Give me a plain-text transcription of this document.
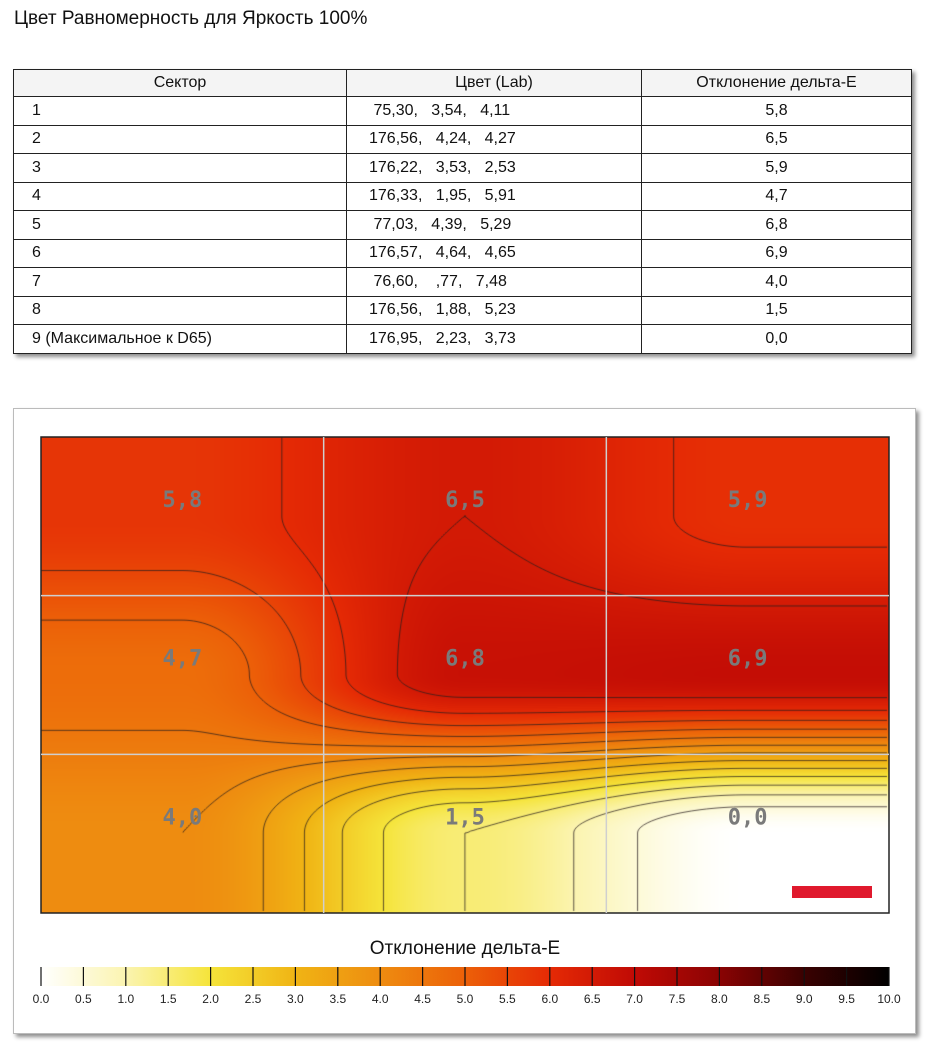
Цвет Равномерность для Яркость 100%
Сектор	Цвет (Lab)	Отклонение дельта-E
1	75,30,   3,54,   4,11	5,8
2	176,56,   4,24,   4,27	6,5
3	176,22,   3,53,   2,53	5,9
4	176,33,   1,95,   5,91	4,7
5	77,03,   4,39,   5,29	6,8
6	176,57,   4,64,   4,65	6,9
7	76,60,    ,77,   7,48	4,0
8	176,56,   1,88,   5,23	1,5
9 (Максимальное к D65)	176,95,   2,23,   3,73	0,0
5,8	6,5	5,9
4,7	6,8	6,9
4,0	1,5	0,0
Отклонение дельта-E
0.0 0.5 1.0 1.5 2.0 2.5 3.0 3.5 4.0 4.5 5.0 5.5 6.0 6.5 7.0 7.5 8.0 8.5 9.0 9.5 10.0
